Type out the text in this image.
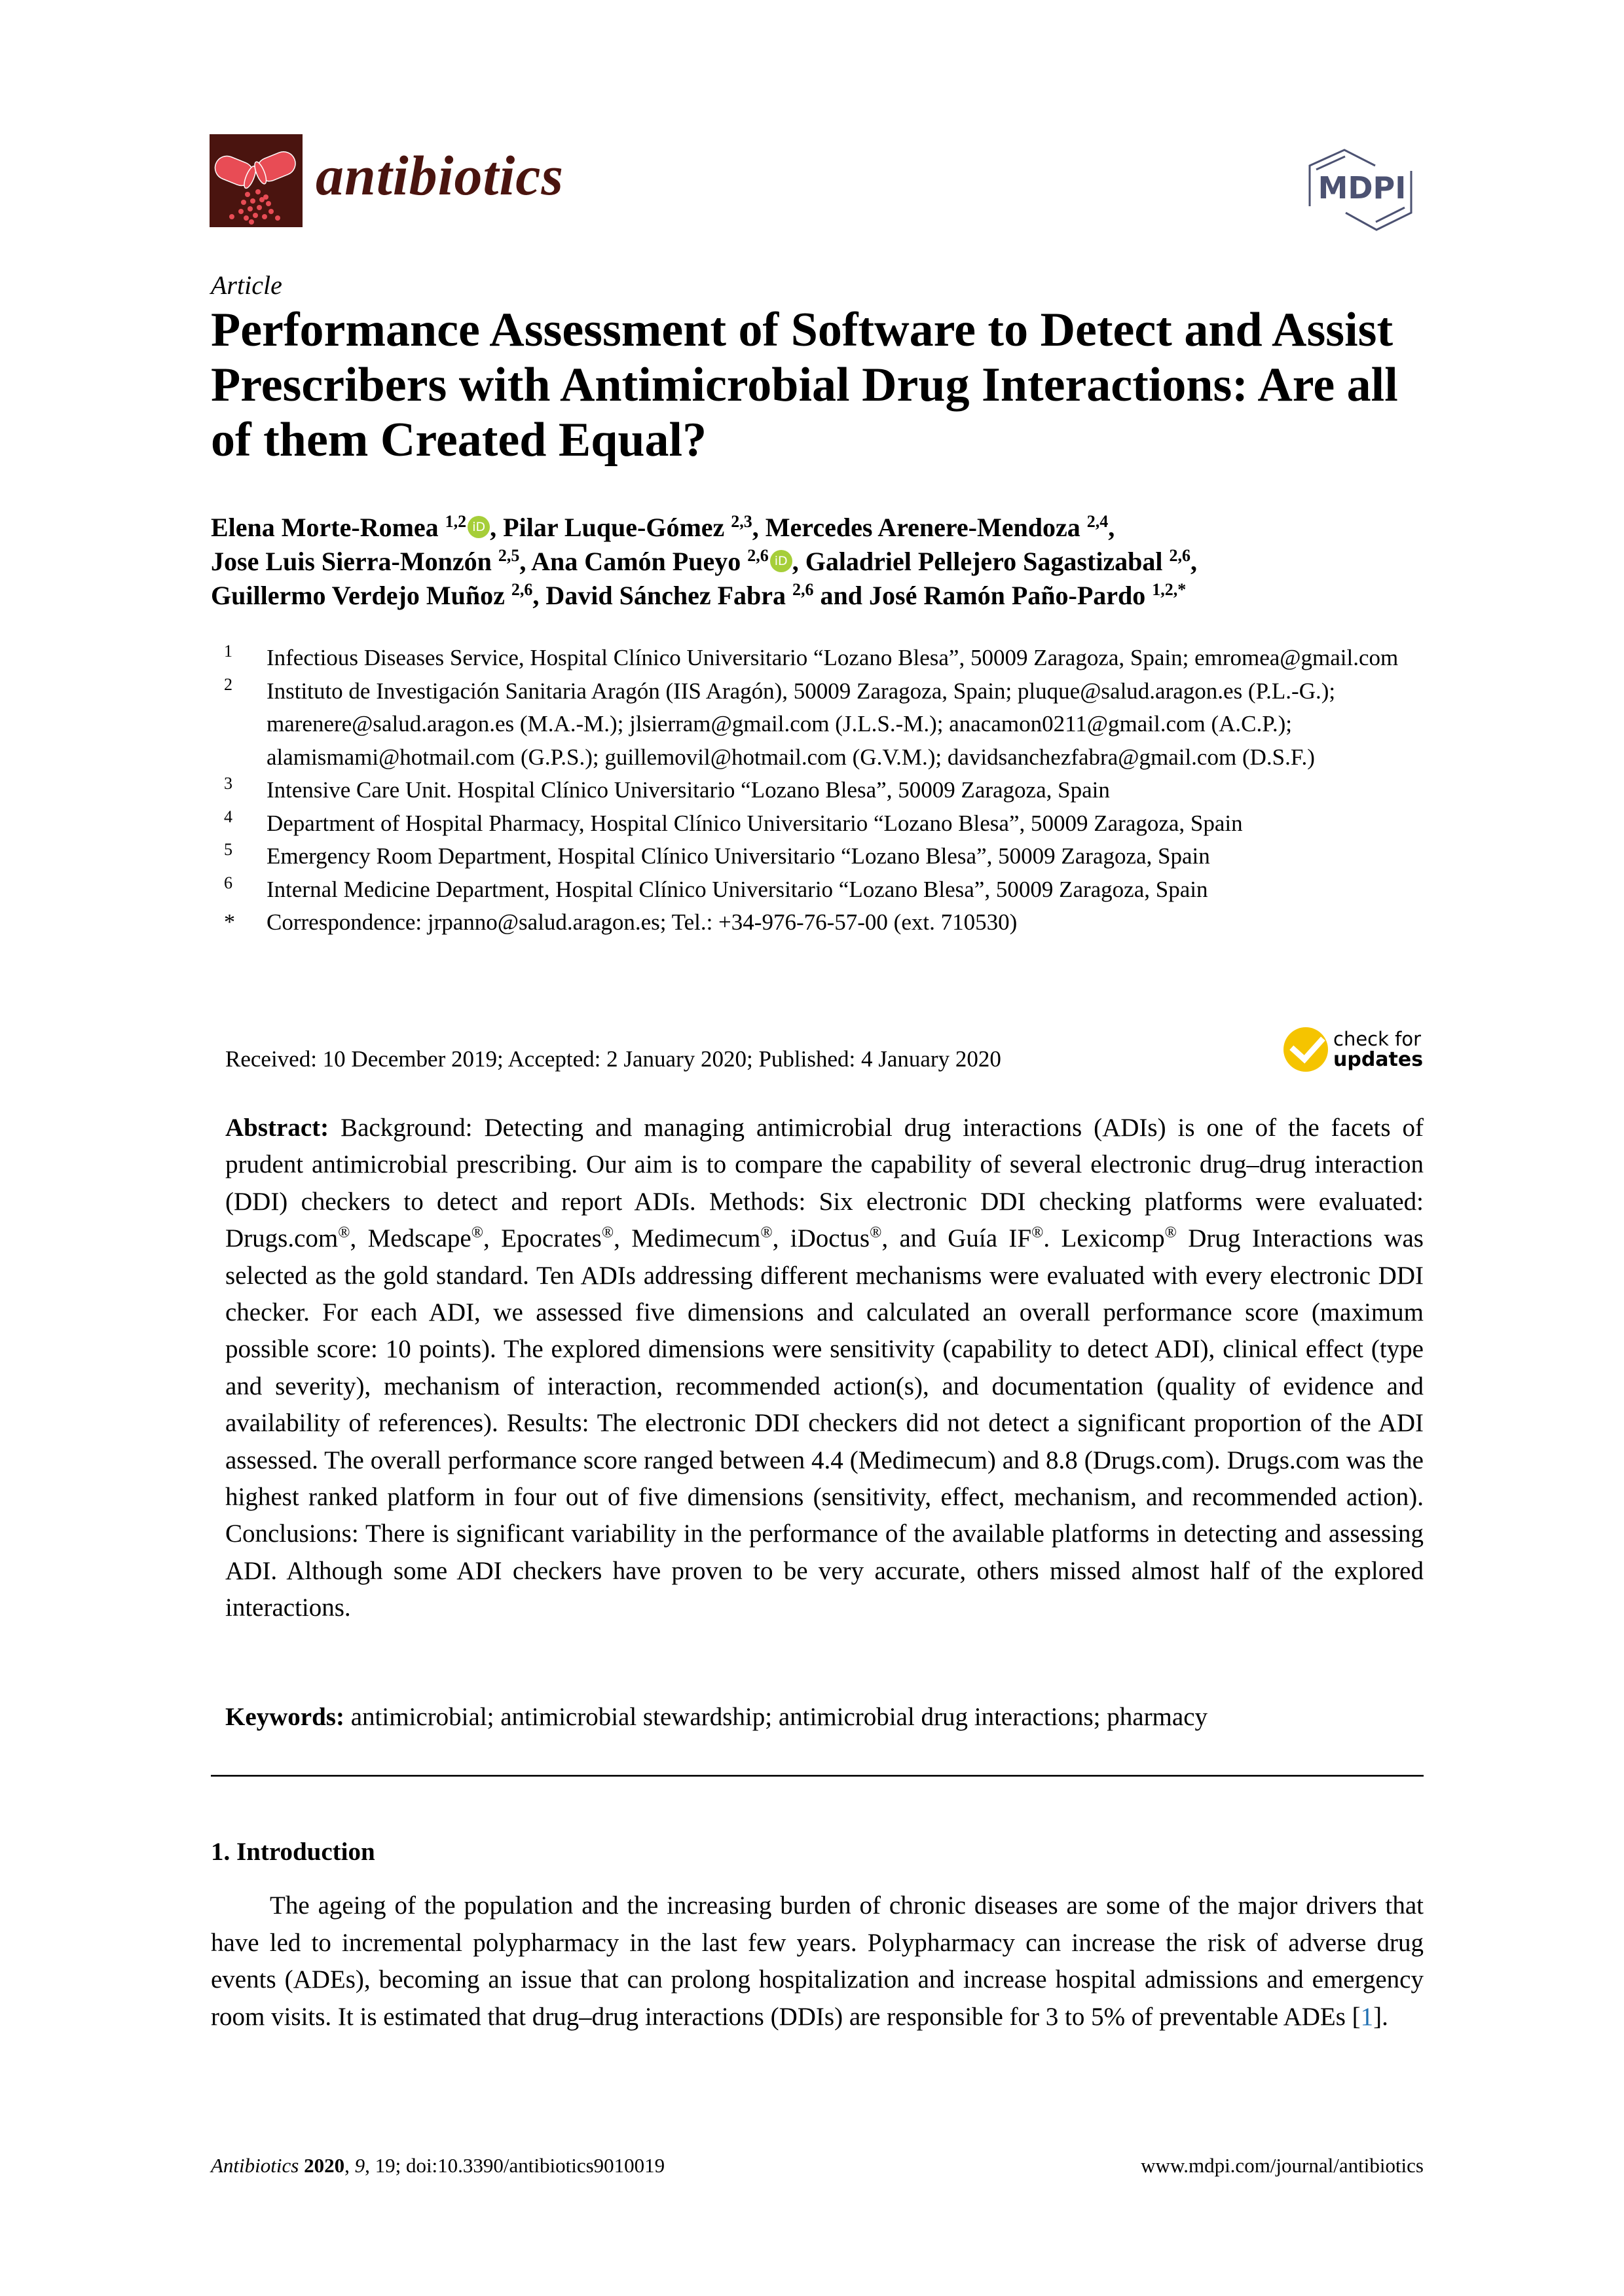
antibiotics	MDPI
Article
Performance Assessment of Software to Detect and Assist Prescribers with Antimicrobial Drug Interactions: Are all of them Created Equal?
Elena Morte-Romea $^{1,2}$ iD , Pilar Luque-Gómez $^{2,3}$, Mercedes Arenere-Mendoza $^{2,4}$,
Jose Luis Sierra-Monzón $^{2,5}$, Ana Camón Pueyo $^{2,6}$ iD , Galadriel Pellejero Sagastizabal $^{2,6}$,
Guillermo Verdejo Muñoz $^{2,6}$, David Sánchez Fabra $^{2,6}$ and José Ramón Paño-Pardo $^{1,2,*}$
1	Infectious Diseases Service, Hospital Clínico Universitario “Lozano Blesa”, 50009 Zaragoza, Spain; emromea@gmail.com
2	Instituto de Investigación Sanitaria Aragón (IIS Aragón), 50009 Zaragoza, Spain; pluque@salud.aragon.es (P.L.-G.); marenere@salud.aragon.es (M.A.-M.); jlsierram@gmail.com (J.L.S.-M.); anacamon0211@gmail.com (A.C.P.); alamismami@hotmail.com (G.P.S.); guillemovil@hotmail.com (G.V.M.); davidsanchezfabra@gmail.com (D.S.F.)
3	Intensive Care Unit. Hospital Clínico Universitario “Lozano Blesa”, 50009 Zaragoza, Spain
4	Department of Hospital Pharmacy, Hospital Clínico Universitario “Lozano Blesa”, 50009 Zaragoza, Spain
5	Emergency Room Department, Hospital Clínico Universitario “Lozano Blesa”, 50009 Zaragoza, Spain
6	Internal Medicine Department, Hospital Clínico Universitario “Lozano Blesa”, 50009 Zaragoza, Spain
*	Correspondence: jrpanno@salud.aragon.es; Tel.: +34-976-76-57-00 (ext. 710530)
Received: 10 December 2019; Accepted: 2 January 2020; Published: 4 January 2020
check for
updates
Abstract: Background: Detecting and managing antimicrobial drug interactions (ADIs) is one of the facets of prudent antimicrobial prescribing. Our aim is to compare the capability of several electronic drug–drug interaction (DDI) checkers to detect and report ADIs. Methods: Six electronic DDI checking platforms were evaluated: Drugs.com®, Medscape®, Epocrates®, Medimecum®, iDoctus®, and Guía IF®. Lexicomp® Drug Interactions was selected as the gold standard. Ten ADIs addressing different mechanisms were evaluated with every electronic DDI checker. For each ADI, we assessed five dimensions and calculated an overall performance score (maximum possible score: 10 points). The explored dimensions were sensitivity (capability to detect ADI), clinical effect (type and severity), mechanism of interaction, recommended action(s), and documentation (quality of evidence and availability of references). Results: The electronic DDI checkers did not detect a significant proportion of the ADI assessed. The overall performance score ranged between 4.4 (Medimecum) and 8.8 (Drugs.com). Drugs.com was the highest ranked platform in four out of five dimensions (sensitivity, effect, mechanism, and recommended action). Conclusions: There is significant variability in the performance of the available platforms in detecting and assessing ADI. Although some ADI checkers have proven to be very accurate, others missed almost half of the explored interactions.
Keywords: antimicrobial; antimicrobial stewardship; antimicrobial drug interactions; pharmacy
1. Introduction
The ageing of the population and the increasing burden of chronic diseases are some of the major drivers that have led to incremental polypharmacy in the last few years. Polypharmacy can increase the risk of adverse drug events (ADEs), becoming an issue that can prolong hospitalization and increase hospital admissions and emergency room visits. It is estimated that drug–drug interactions (DDIs) are responsible for 3 to 5% of preventable ADEs [1].
Antibiotics 2020, 9, 19; doi:10.3390/antibiotics9010019	www.mdpi.com/journal/antibiotics
